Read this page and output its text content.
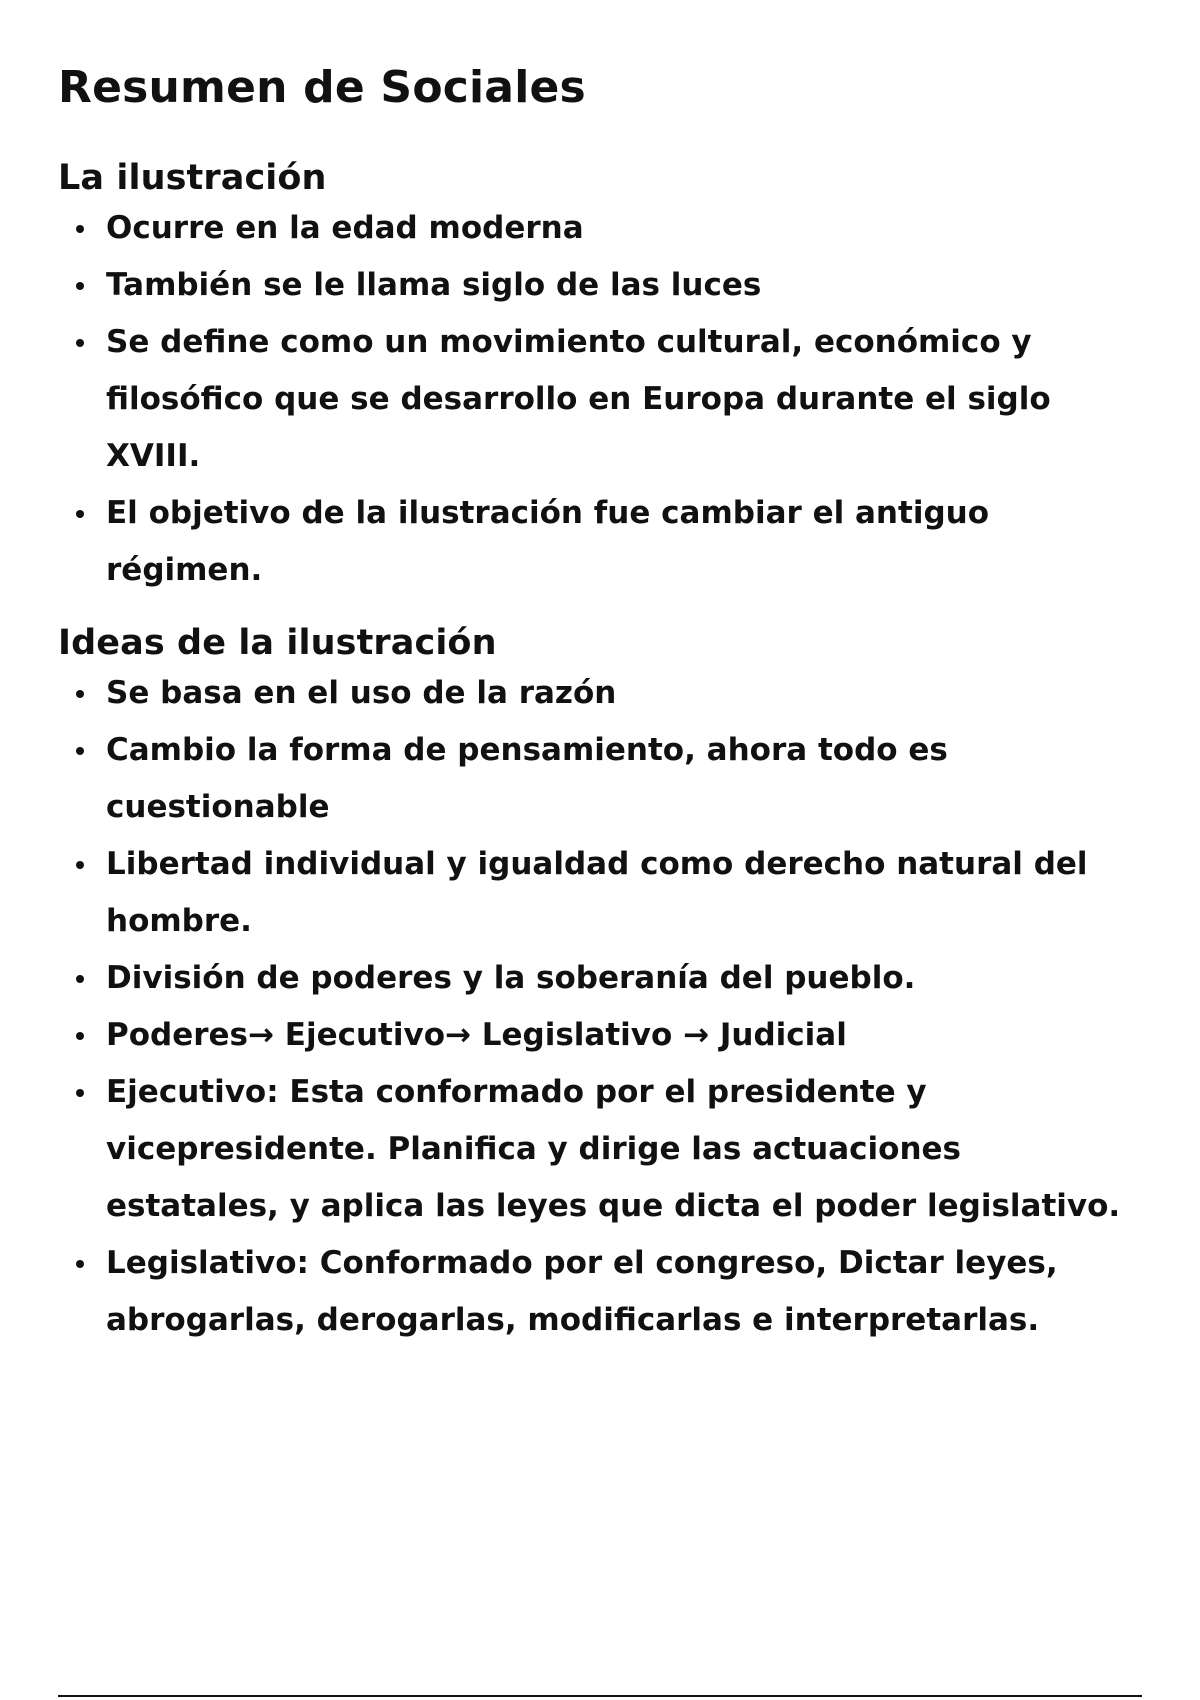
Resumen de Sociales
La ilustración
Ocurre en la edad moderna
También se le llama siglo de las luces
Se define como un movimiento cultural, económico y filosófico que se desarrollo en Europa durante el siglo XVIII.
El objetivo de la ilustración fue cambiar el antiguo régimen.
Ideas de la ilustración
Se basa en el uso de la razón
Cambio la forma de pensamiento, ahora todo es cuestionable
Libertad individual y igualdad como derecho natural del hombre.
División de poderes y la soberanía del pueblo.
Poderes→ Ejecutivo→ Legislativo → Judicial
Ejecutivo: Esta conformado por el presidente y vicepresidente. Planifica y dirige las actuaciones estatales, y aplica las leyes que dicta el poder legislativo.
Legislativo: Conformado por el congreso, Dictar leyes, abrogarlas, derogarlas, modificarlas e interpretarlas.
